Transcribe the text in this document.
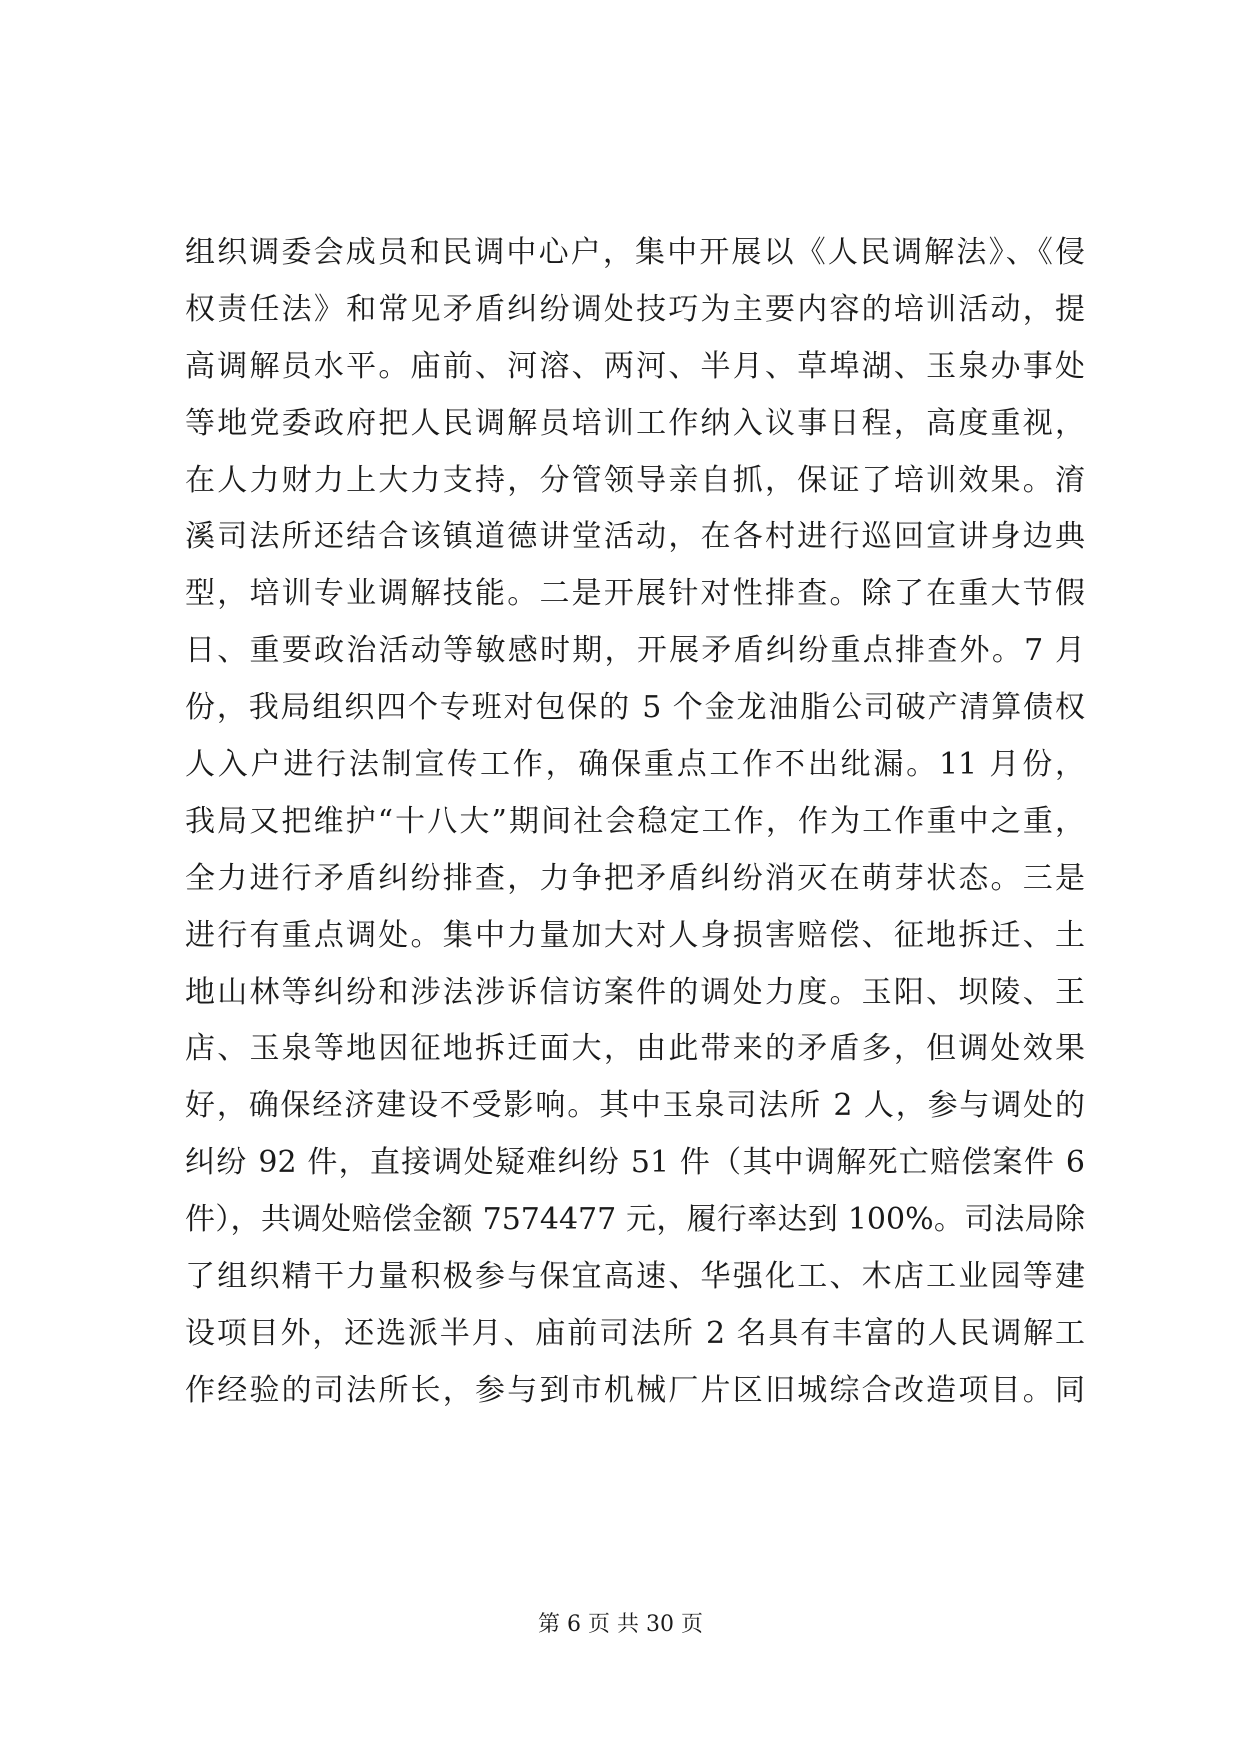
组织调委会成员和民调中心户，集中开展以《人民调解法》、《侵
权责任法》和常见矛盾纠纷调处技巧为主要内容的培训活动，提
高调解员水平。庙前、河溶、两河、半月、草埠湖、玉泉办事处
等地党委政府把人民调解员培训工作纳入议事日程，高度重视，
在人力财力上大力支持，分管领导亲自抓，保证了培训效果。淯
溪司法所还结合该镇道德讲堂活动，在各村进行巡回宣讲身边典
型，培训专业调解技能。二是开展针对性排查。除了在重大节假
日、重要政治活动等敏感时期，开展矛盾纠纷重点排查外。7 月
份，我局组织四个专班对包保的 5 个金龙油脂公司破产清算债权
人入户进行法制宣传工作，确保重点工作不出纰漏。11 月份，
我局又把维护“十八大”期间社会稳定工作，作为工作重中之重，
全力进行矛盾纠纷排查，力争把矛盾纠纷消灭在萌芽状态。三是
进行有重点调处。集中力量加大对人身损害赔偿、征地拆迁、土
地山林等纠纷和涉法涉诉信访案件的调处力度。玉阳、坝陵、王
店、玉泉等地因征地拆迁面大，由此带来的矛盾多，但调处效果
好，确保经济建设不受影响。其中玉泉司法所 2 人，参与调处的
纠纷 92 件，直接调处疑难纠纷 51 件（其中调解死亡赔偿案件 6
件），共调处赔偿金额 7574477 元，履行率达到 100%。司法局除
了组织精干力量积极参与保宜高速、华强化工、木店工业园等建
设项目外，还选派半月、庙前司法所 2 名具有丰富的人民调解工
作经验的司法所长，参与到市机械厂片区旧城综合改造项目。同
第 6 页 共 30 页
